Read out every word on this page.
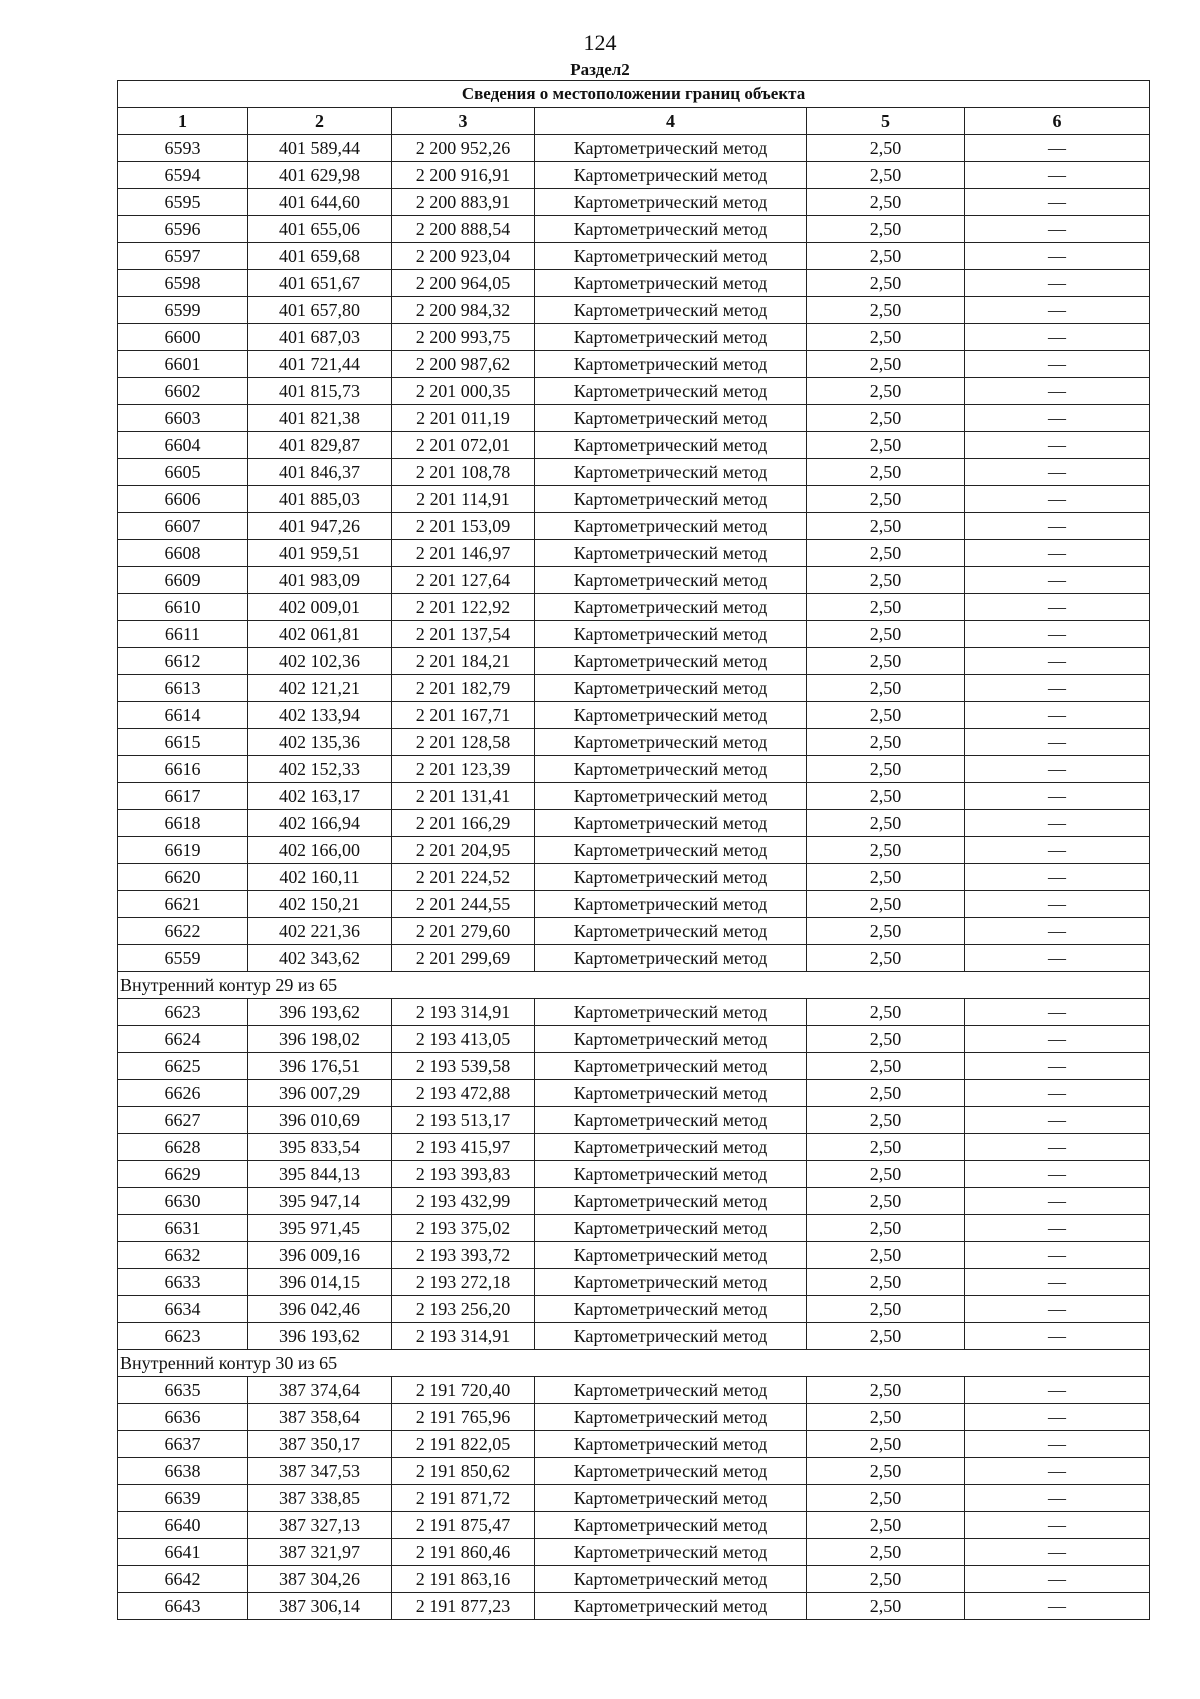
124
Раздел2
Сведения о местоположении границ объекта					
1	2	3	4	5	6
6593	401 589,44	2 200 952,26	Картометрический метод	2,50	—
6594	401 629,98	2 200 916,91	Картометрический метод	2,50	—
6595	401 644,60	2 200 883,91	Картометрический метод	2,50	—
6596	401 655,06	2 200 888,54	Картометрический метод	2,50	—
6597	401 659,68	2 200 923,04	Картометрический метод	2,50	—
6598	401 651,67	2 200 964,05	Картометрический метод	2,50	—
6599	401 657,80	2 200 984,32	Картометрический метод	2,50	—
6600	401 687,03	2 200 993,75	Картометрический метод	2,50	—
6601	401 721,44	2 200 987,62	Картометрический метод	2,50	—
6602	401 815,73	2 201 000,35	Картометрический метод	2,50	—
6603	401 821,38	2 201 011,19	Картометрический метод	2,50	—
6604	401 829,87	2 201 072,01	Картометрический метод	2,50	—
6605	401 846,37	2 201 108,78	Картометрический метод	2,50	—
6606	401 885,03	2 201 114,91	Картометрический метод	2,50	—
6607	401 947,26	2 201 153,09	Картометрический метод	2,50	—
6608	401 959,51	2 201 146,97	Картометрический метод	2,50	—
6609	401 983,09	2 201 127,64	Картометрический метод	2,50	—
6610	402 009,01	2 201 122,92	Картометрический метод	2,50	—
6611	402 061,81	2 201 137,54	Картометрический метод	2,50	—
6612	402 102,36	2 201 184,21	Картометрический метод	2,50	—
6613	402 121,21	2 201 182,79	Картометрический метод	2,50	—
6614	402 133,94	2 201 167,71	Картометрический метод	2,50	—
6615	402 135,36	2 201 128,58	Картометрический метод	2,50	—
6616	402 152,33	2 201 123,39	Картометрический метод	2,50	—
6617	402 163,17	2 201 131,41	Картометрический метод	2,50	—
6618	402 166,94	2 201 166,29	Картометрический метод	2,50	—
6619	402 166,00	2 201 204,95	Картометрический метод	2,50	—
6620	402 160,11	2 201 224,52	Картометрический метод	2,50	—
6621	402 150,21	2 201 244,55	Картометрический метод	2,50	—
6622	402 221,36	2 201 279,60	Картометрический метод	2,50	—
6559	402 343,62	2 201 299,69	Картометрический метод	2,50	—
Внутренний контур 29 из 65					
6623	396 193,62	2 193 314,91	Картометрический метод	2,50	—
6624	396 198,02	2 193 413,05	Картометрический метод	2,50	—
6625	396 176,51	2 193 539,58	Картометрический метод	2,50	—
6626	396 007,29	2 193 472,88	Картометрический метод	2,50	—
6627	396 010,69	2 193 513,17	Картометрический метод	2,50	—
6628	395 833,54	2 193 415,97	Картометрический метод	2,50	—
6629	395 844,13	2 193 393,83	Картометрический метод	2,50	—
6630	395 947,14	2 193 432,99	Картометрический метод	2,50	—
6631	395 971,45	2 193 375,02	Картометрический метод	2,50	—
6632	396 009,16	2 193 393,72	Картометрический метод	2,50	—
6633	396 014,15	2 193 272,18	Картометрический метод	2,50	—
6634	396 042,46	2 193 256,20	Картометрический метод	2,50	—
6623	396 193,62	2 193 314,91	Картометрический метод	2,50	—
Внутренний контур 30 из 65					
6635	387 374,64	2 191 720,40	Картометрический метод	2,50	—
6636	387 358,64	2 191 765,96	Картометрический метод	2,50	—
6637	387 350,17	2 191 822,05	Картометрический метод	2,50	—
6638	387 347,53	2 191 850,62	Картометрический метод	2,50	—
6639	387 338,85	2 191 871,72	Картометрический метод	2,50	—
6640	387 327,13	2 191 875,47	Картометрический метод	2,50	—
6641	387 321,97	2 191 860,46	Картометрический метод	2,50	—
6642	387 304,26	2 191 863,16	Картометрический метод	2,50	—
6643	387 306,14	2 191 877,23	Картометрический метод	2,50	—
